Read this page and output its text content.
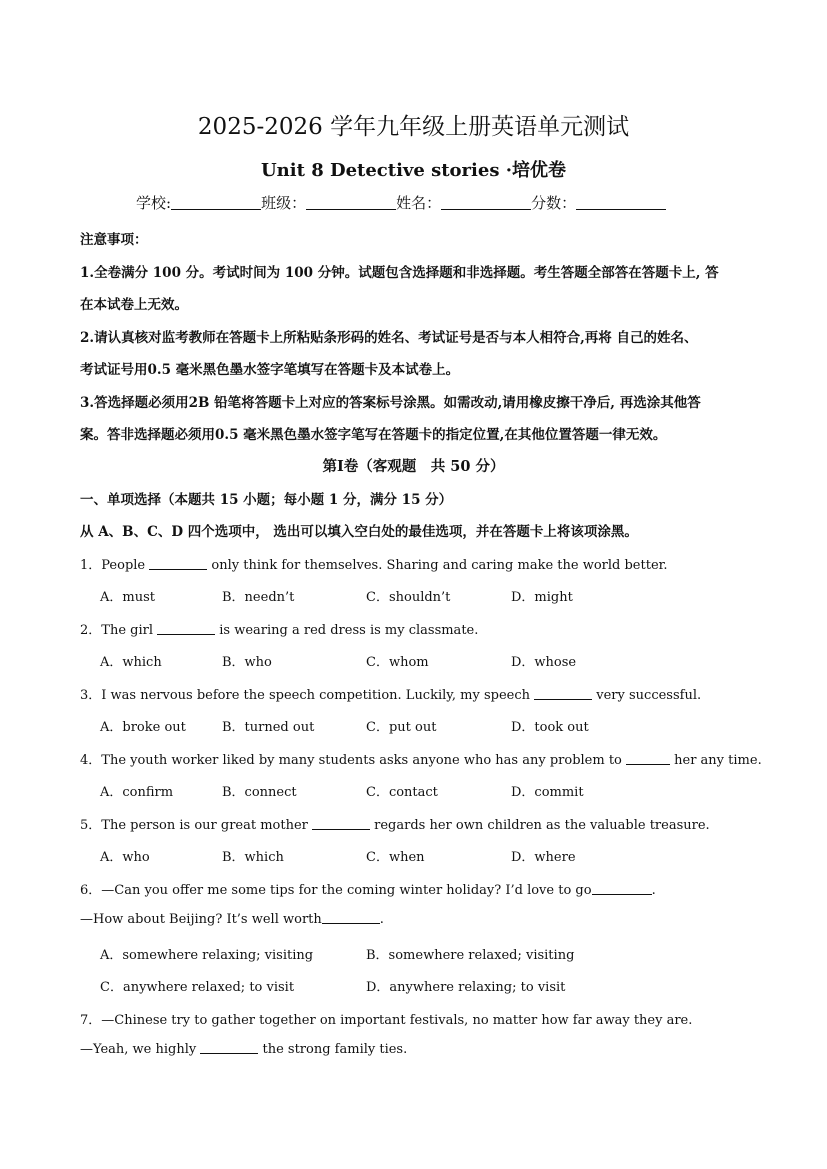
2025-2026 学年九年级上册英语单元测试
Unit 8 Detective stories ·培优卷
学校:	班级：	姓名：	分数：
注意事项：
1.全卷满分 100 分。考试时间为 100 分钟。试题包含选择题和非选择题。考生答题全部答在答题卡上, 答
在本试卷上无效。
2.请认真核对监考教师在答题卡上所粘贴条形码的姓名、考试证号是否与本人相符合,再将 自己的姓名、
考试证号用0.5 毫米黑色墨水签字笔填写在答题卡及本试卷上。
3.答选择题必须用2B 铅笔将答题卡上对应的答案标号涂黑。如需改动,请用橡皮擦干净后, 再选涂其他答
案。答非选择题必须用0.5 毫米黑色墨水签字笔写在答题卡的指定位置,在其他位置答题一律无效。
第Ⅰ卷（客观题　共 50 分）
一、单项选择（本题共 15 小题；每小题 1 分，满分 15 分）
从 A、B、C、D 四个选项中， 选出可以填入空白处的最佳选项，并在答题卡上将该项涂黑。
1．People	only think for themselves. Sharing and caring make the world better.
A．must	B．needn’t	C．shouldn’t	D．might
2．The girl	is wearing a red dress is my classmate.
A．which	B．who	C．whom	D．whose
3．I was nervous before the speech competition. Luckily, my speech	very successful.
A．broke out	B．turned out	C．put out	D．took out
4．The youth worker liked by many students asks anyone who has any problem to	her any time.
A．confirm	B．connect	C．contact	D．commit
5．The person is our great mother	regards her own children as the valuable treasure.
A．who	B．which	C．when	D．where
6．—Can you offer me some tips for the coming winter holiday? I’d love to go	.
—How about Beijing? It’s well worth	.
A．somewhere relaxing; visiting	B．somewhere relaxed; visiting
C．anywhere relaxed; to visit	D．anywhere relaxing; to visit
7．—Chinese try to gather together on important festivals, no matter how far away they are.
—Yeah, we highly	the strong family ties.
